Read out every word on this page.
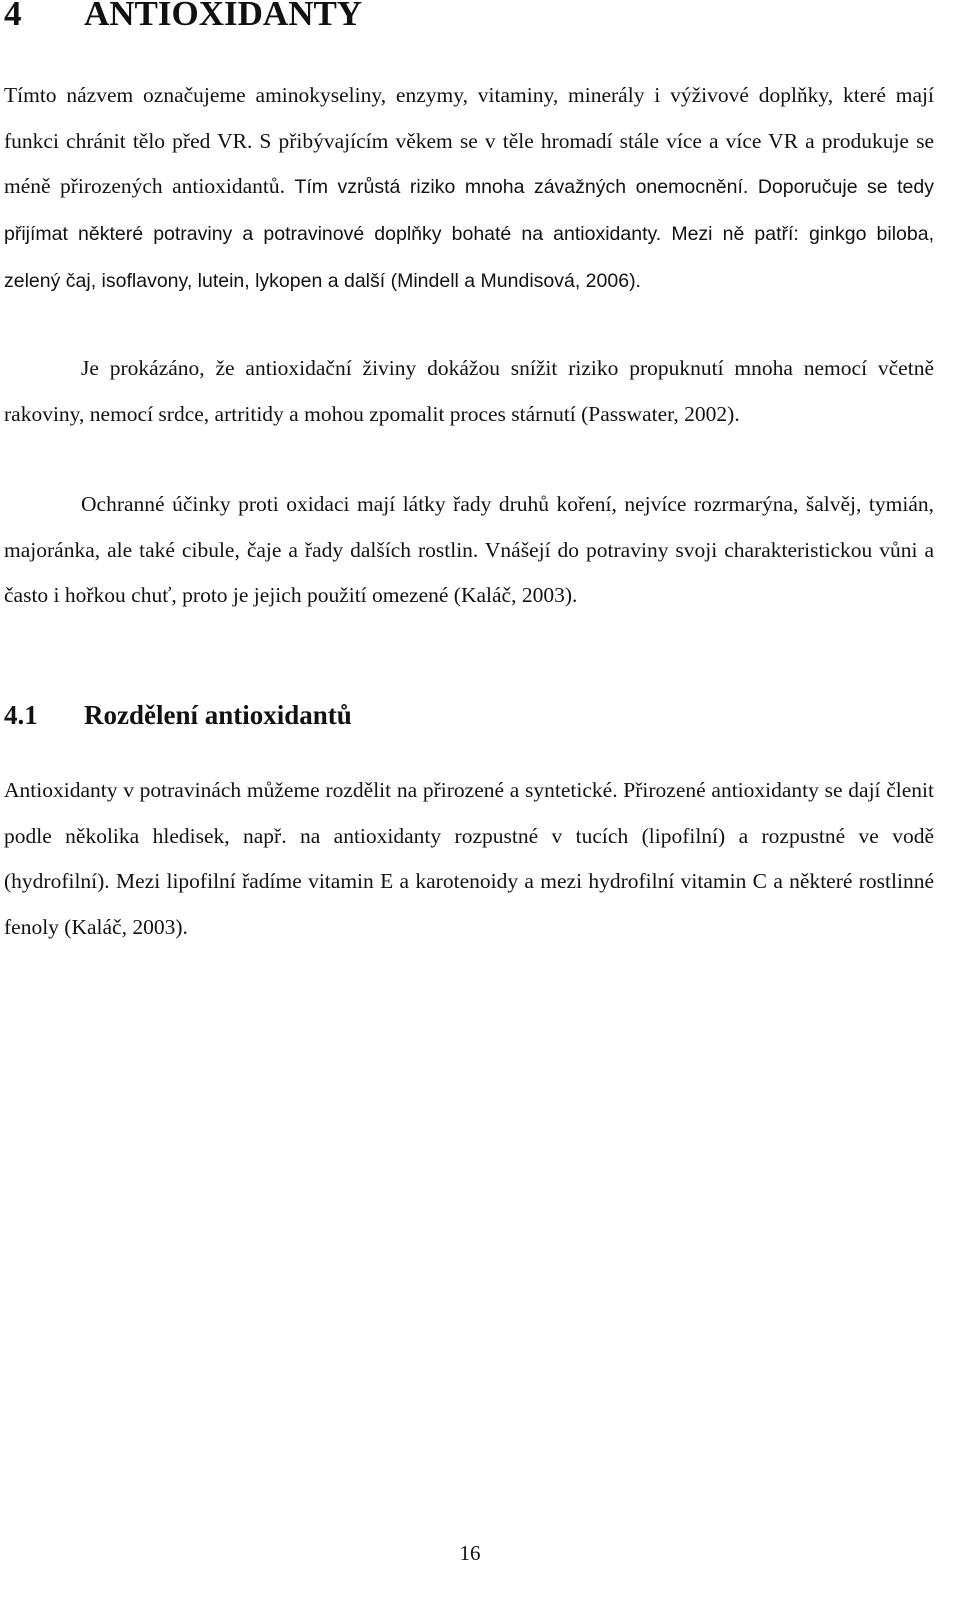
4 ANTIOXIDANTY

Tímto názvem označujeme aminokyseliny, enzymy, vitaminy, minerály i výživové doplňky, které mají funkci chránit tělo před VR. S přibývajícím věkem se v těle hromadí stále více a více VR a produkuje se méně přirozených antioxidantů. Tím vzrůstá riziko mnoha závažných onemocnění. Doporučuje se tedy přijímat některé potraviny a potravinové doplňky bohaté na antioxidanty. Mezi ně patří: ginkgo biloba, zelený čaj, isoflavony, lutein, lykopen a další (Mindell a Mundisová, 2006).

Je prokázáno, že antioxidační živiny dokážou snížit riziko propuknutí mnoha nemocí včetně rakoviny, nemocí srdce, artritidy a mohou zpomalit proces stárnutí (Passwater, 2002).

Ochranné účinky proti oxidaci mají látky řady druhů koření, nejvíce rozrmarýna, šalvěj, tymián, majoránka, ale také cibule, čaje a řady dalších rostlin. Vnášejí do potraviny svoji charakteristickou vůni a často i hořkou chuť, proto je jejich použití omezené (Kaláč, 2003).

4.1 Rozdělení antioxidantů

Antioxidanty v potravinách můžeme rozdělit na přirozené a syntetické. Přirozené antioxidanty se dají členit podle několika hledisek, např. na antioxidanty rozpustné v tucích (lipofilní) a rozpustné ve vodě (hydrofilní). Mezi lipofilní řadíme vitamin E a karotenoidy a mezi hydrofilní vitamin C a některé rostlinné fenoly (Kaláč, 2003).

16
